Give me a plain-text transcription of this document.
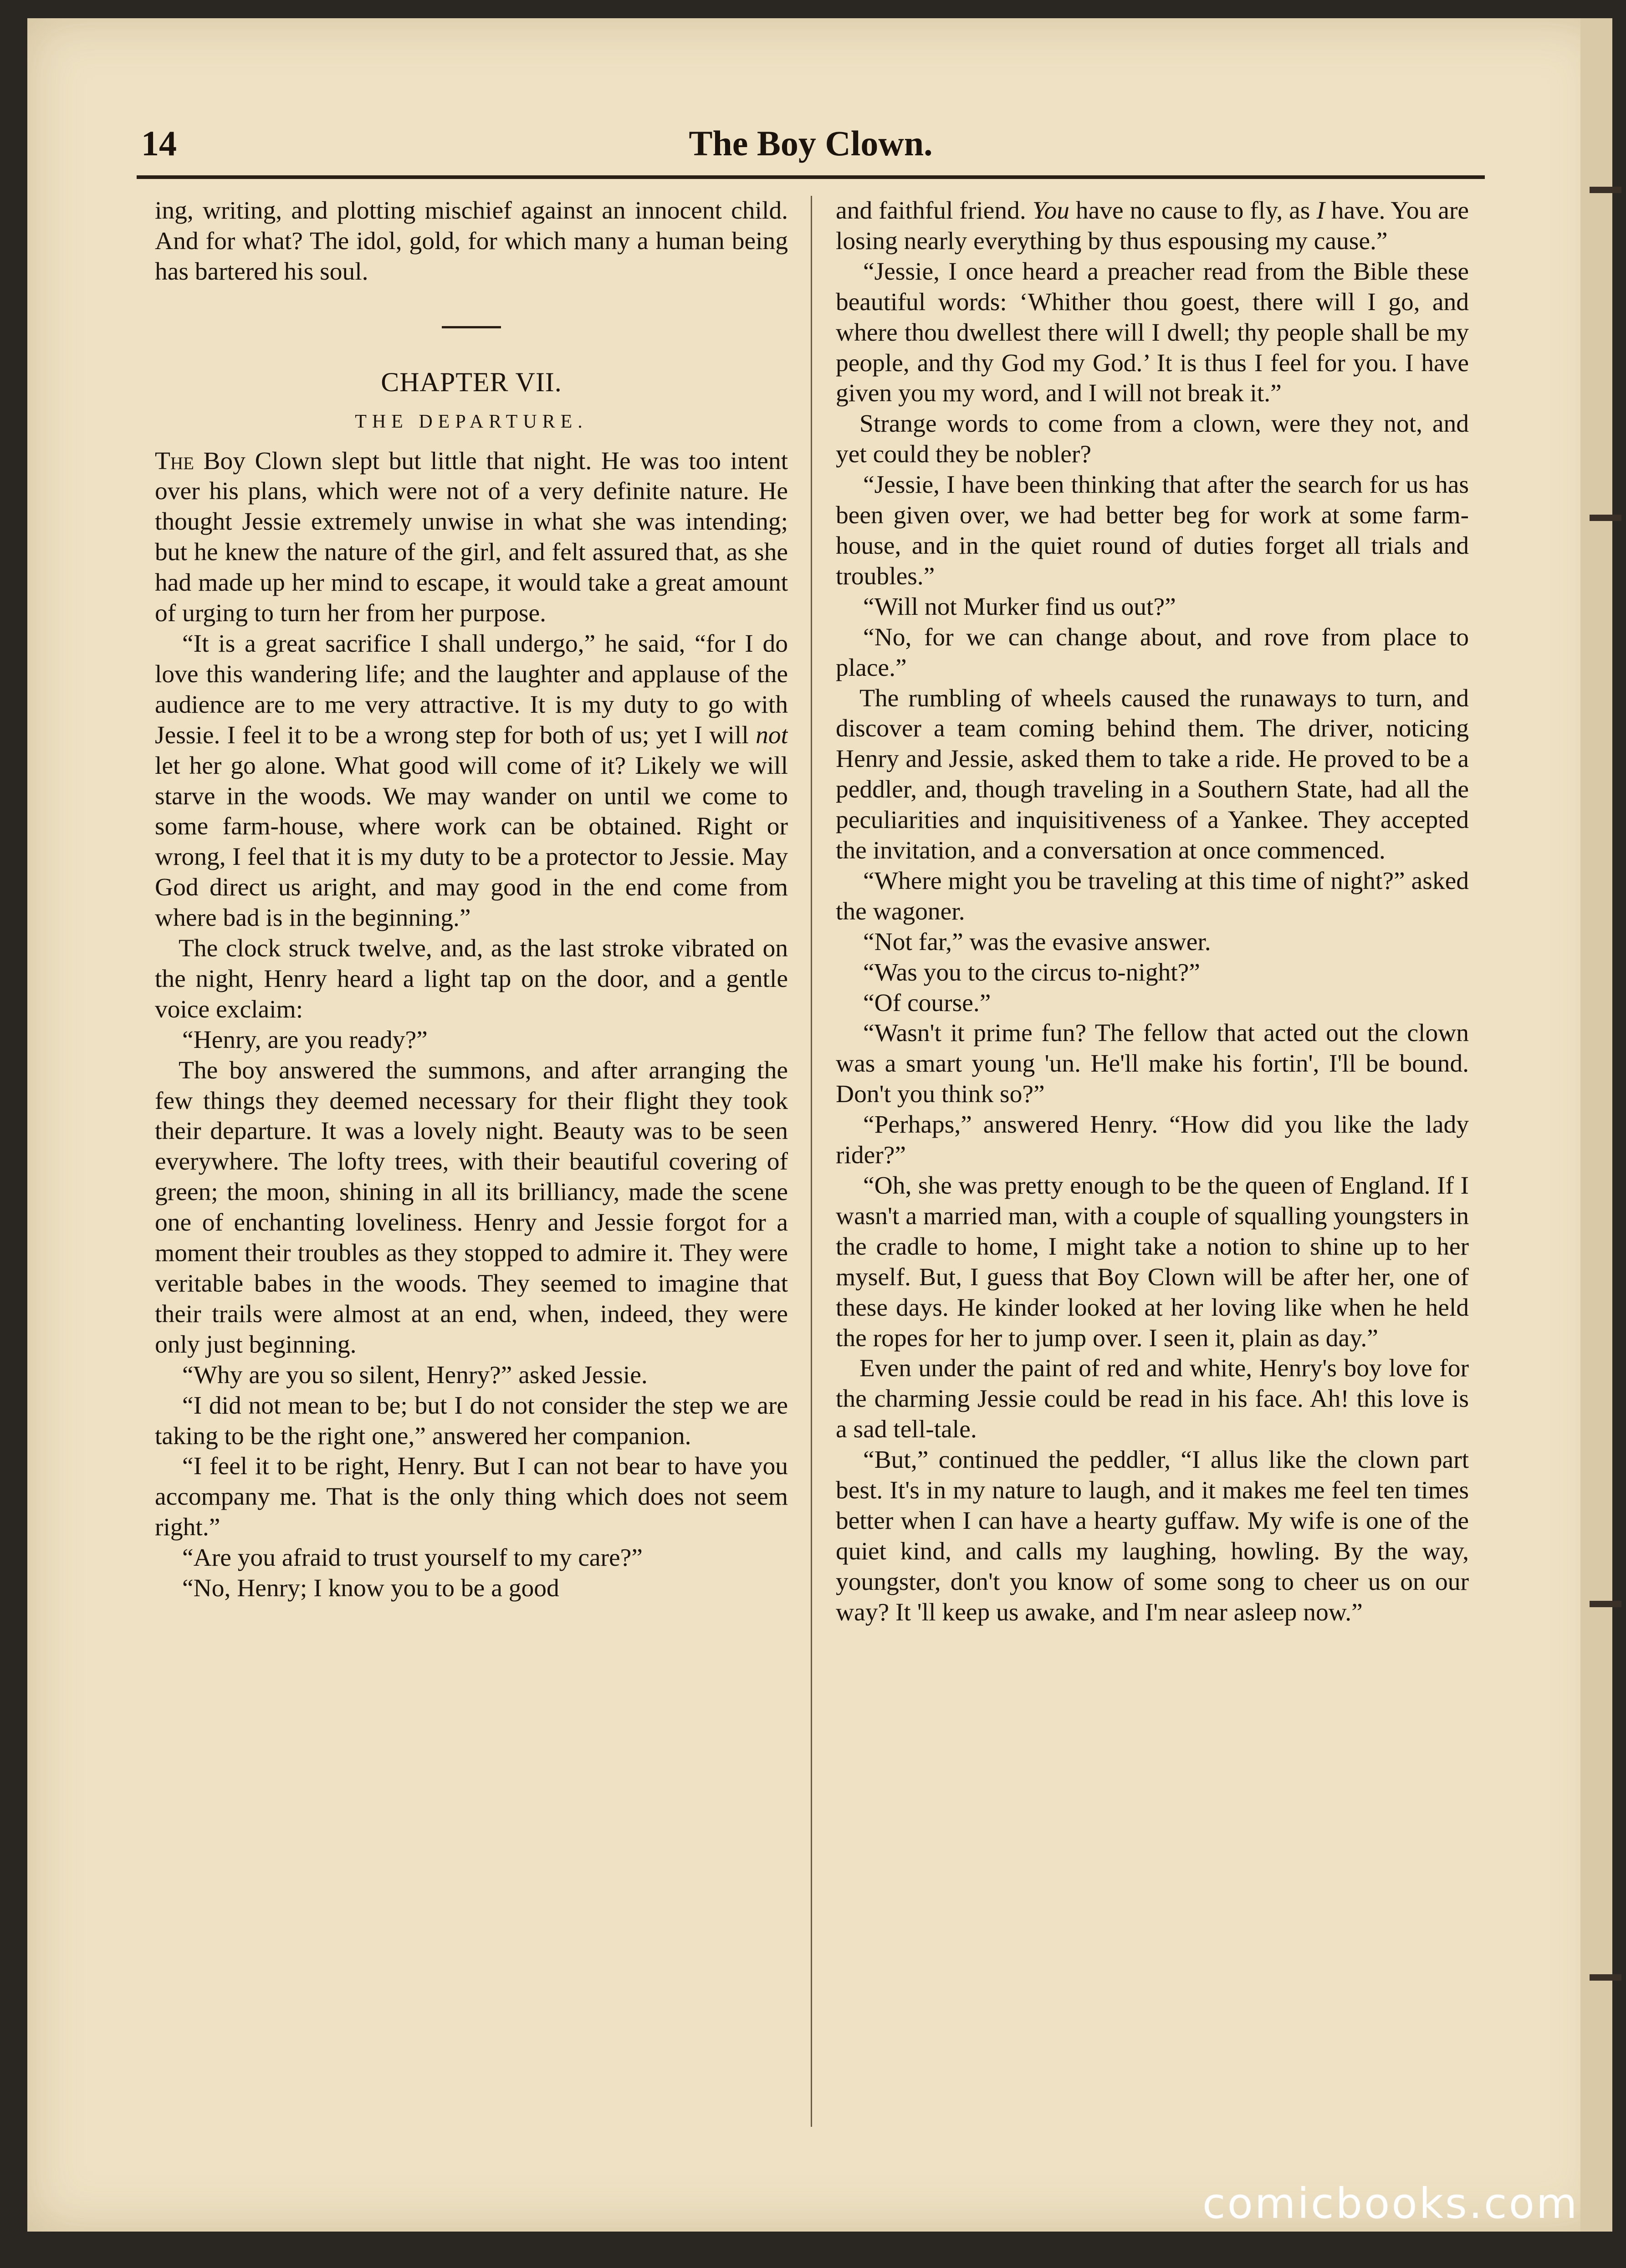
14	The Boy Clown.

ing, writing, and plotting mischief against an innocent child. And for what? The idol, gold, for which many a human being has bartered his soul.

CHAPTER VII.

THE DEPARTURE.

The Boy Clown slept but little that night. He was too intent over his plans, which were not of a very definite nature. He thought Jessie extremely unwise in what she was intending; but he knew the nature of the girl, and felt assured that, as she had made up her mind to escape, it would take a great amount of urging to turn her from her purpose.

“It is a great sacrifice I shall undergo,” he said, “for I do love this wandering life; and the laughter and applause of the audience are to me very attractive. It is my duty to go with Jessie. I feel it to be a wrong step for both of us; yet I will not let her go alone. What good will come of it? Likely we will starve in the woods. We may wander on until we come to some farm-house, where work can be obtained. Right or wrong, I feel that it is my duty to be a protector to Jessie. May God direct us aright, and may good in the end come from where bad is in the beginning.”

The clock struck twelve, and, as the last stroke vibrated on the night, Henry heard a light tap on the door, and a gentle voice exclaim:

“Henry, are you ready?”

The boy answered the summons, and after arranging the few things they deemed necessary for their flight they took their departure. It was a lovely night. Beauty was to be seen everywhere. The lofty trees, with their beautiful covering of green; the moon, shining in all its brilliancy, made the scene one of enchanting loveliness. Henry and Jessie forgot for a moment their troubles as they stopped to admire it. They were veritable babes in the woods. They seemed to imagine that their trails were almost at an end, when, indeed, they were only just beginning.

“Why are you so silent, Henry?” asked Jessie.

“I did not mean to be; but I do not consider the step we are taking to be the right one,” answered her companion.

“I feel it to be right, Henry. But I can not bear to have you accompany me. That is the only thing which does not seem right.”

“Are you afraid to trust yourself to my care?”

“No, Henry; I know you to be a good

and faithful friend. You have no cause to fly, as I have. You are losing nearly everything by thus espousing my cause.”

“Jessie, I once heard a preacher read from the Bible these beautiful words: ‘Whither thou goest, there will I go, and where thou dwellest there will I dwell; thy people shall be my people, and thy God my God.’ It is thus I feel for you. I have given you my word, and I will not break it.”

Strange words to come from a clown, were they not, and yet could they be nobler?

“Jessie, I have been thinking that after the search for us has been given over, we had better beg for work at some farm-house, and in the quiet round of duties forget all trials and troubles.”

“Will not Murker find us out?”

“No, for we can change about, and rove from place to place.”

The rumbling of wheels caused the runaways to turn, and discover a team coming behind them. The driver, noticing Henry and Jessie, asked them to take a ride. He proved to be a peddler, and, though traveling in a Southern State, had all the peculiarities and inquisitiveness of a Yankee. They accepted the invitation, and a conversation at once commenced.

“Where might you be traveling at this time of night?” asked the wagoner.

“Not far,” was the evasive answer.

“Was you to the circus to-night?”

“Of course.”

“Wasn't it prime fun? The fellow that acted out the clown was a smart young 'un. He'll make his fortin', I'll be bound. Don't you think so?”

“Perhaps,” answered Henry. “How did you like the lady rider?”

“Oh, she was pretty enough to be the queen of England. If I wasn't a married man, with a couple of squalling youngsters in the cradle to home, I might take a notion to shine up to her myself. But, I guess that Boy Clown will be after her, one of these days. He kinder looked at her loving like when he held the ropes for her to jump over. I seen it, plain as day.”

Even under the paint of red and white, Henry's boy love for the charming Jessie could be read in his face. Ah! this love is a sad tell-tale.

“But,” continued the peddler, “I allus like the clown part best. It's in my nature to laugh, and it makes me feel ten times better when I can have a hearty guffaw. My wife is one of the quiet kind, and calls my laughing, howling. By the way, youngster, don't you know of some song to cheer us on our way? It 'll keep us awake, and I'm near asleep now.”

comicbooks.com
